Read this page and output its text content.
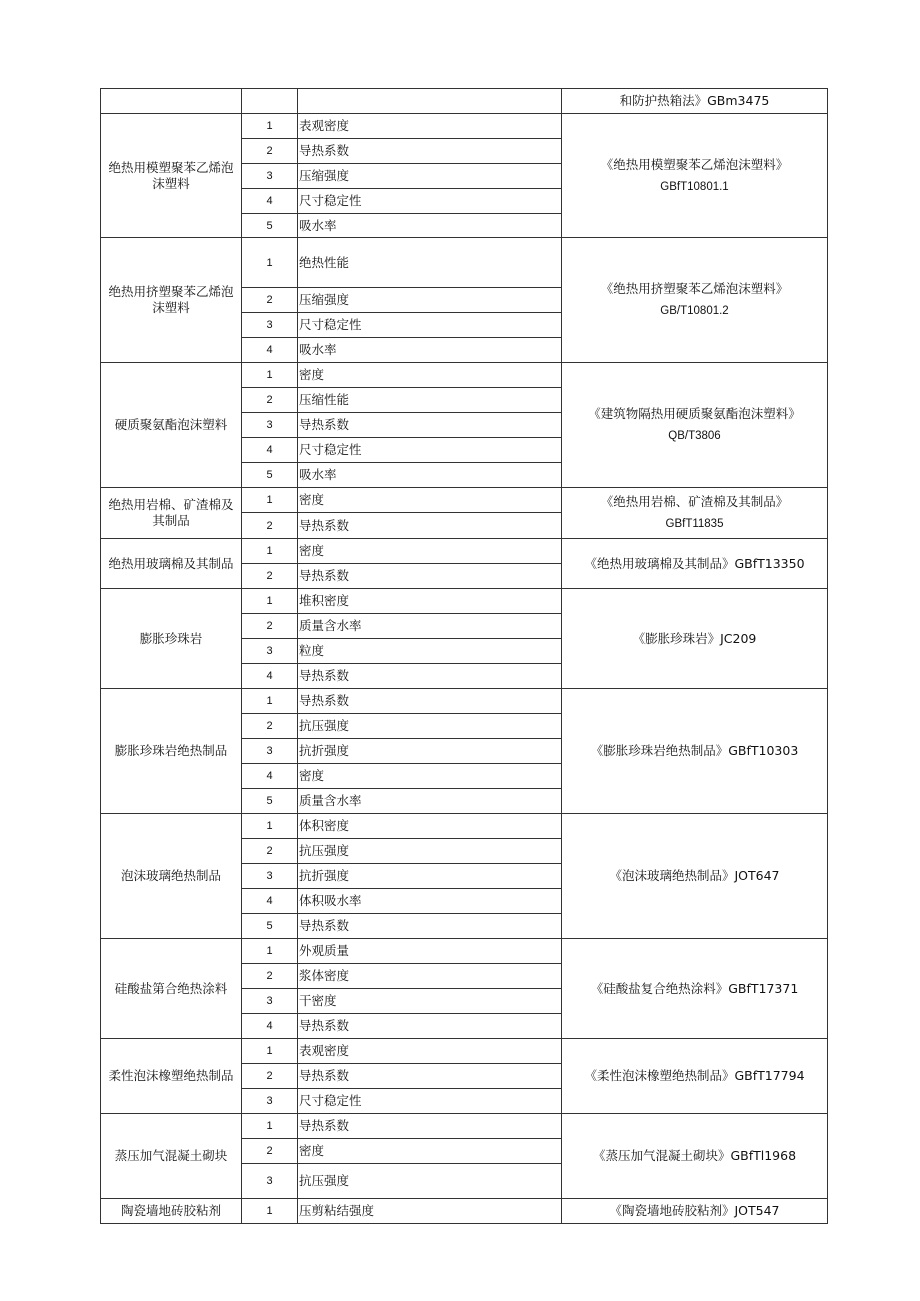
			和防护热箱法》GBm3475
绝热用模塑聚苯乙烯泡沫塑料	1	表观密度	《绝热用模塑聚苯乙烯泡沫塑料》
GBfT10801.1

	2	导热系数	
	3	压缩强度	
	4	尺寸稳定性	
	5	吸水率	
绝热用挤塑聚苯乙烯泡沫塑料	1	绝热性能	《绝热用挤塑聚苯乙烯泡沫塑料》
GB/T10801.2

	2	压缩强度	
	3	尺寸稳定性	
	4	吸水率	
硬质聚氨酯泡沫塑料	1	密度	《建筑物隔热用硬质聚氨酯泡沫塑料》
QB/T3806

	2	压缩性能	
	3	导热系数	
	4	尺寸稳定性	
	5	吸水率	
绝热用岩棉、矿渣棉及其制品	1	密度	《绝热用岩棉、矿渣棉及其制品》
GBfT11835

	2	导热系数	
绝热用玻璃棉及其制品	1	密度	《绝热用玻璃棉及其制品》GBfT13350

	2	导热系数	
膨胀珍珠岩	1	堆积密度	《膨胀珍珠岩》JC209

	2	质量含水率	
	3	粒度	
	4	导热系数	
膨胀珍珠岩绝热制品	1	导热系数	《膨胀珍珠岩绝热制品》GBfT10303

	2	抗压强度	
	3	抗折强度	
	4	密度	
	5	质量含水率	
泡沫玻璃绝热制品	1	体积密度	《泡沫玻璃绝热制品》JOT647

	2	抗压强度	
	3	抗折强度	
	4	体积吸水率	
	5	导热系数	
硅酸盐第合绝热涂料	1	外观质量	《硅酸盐复合绝热涂料》GBfT17371

	2	浆体密度	
	3	干密度	
	4	导热系数	
柔性泡沫橡塑绝热制品	1	表观密度	《柔性泡沫橡塑绝热制品》GBfT17794

	2	导热系数	
	3	尺寸稳定性	
蒸压加气混凝土砌块	1	导热系数	《蒸压加气混凝土砌块》GBfTl1968

	2	密度	
	3	抗压强度	
陶瓷墙地砖胶粘剂	1	压剪粘结强度	《陶瓷墙地砖胶粘剂》JOT547
